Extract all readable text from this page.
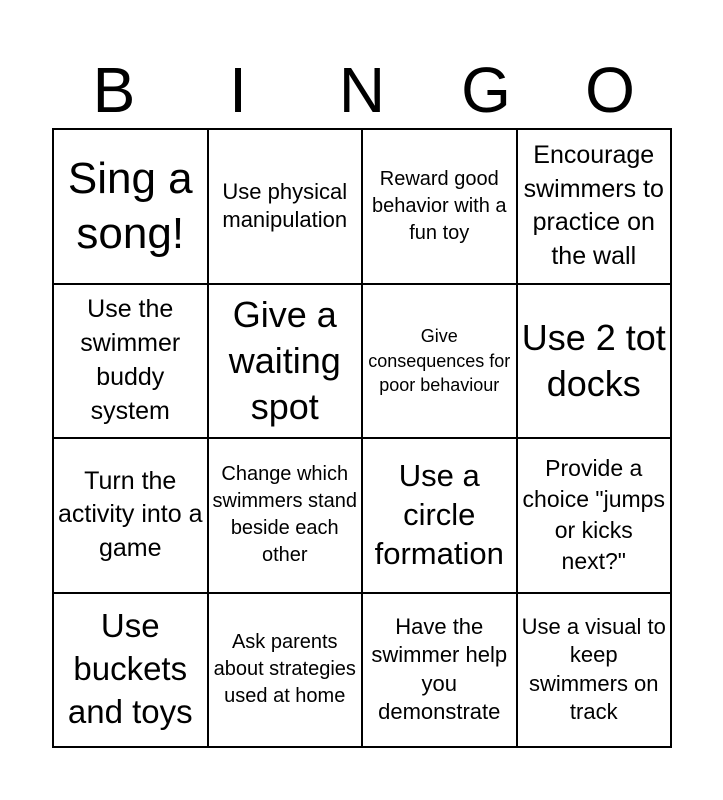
B	I	N	G	O
Sing a song!
Use physical manipulation
Reward good behavior with a fun toy
Encourage swimmers to practice on the wall
Use the swimmer buddy system
Give a waiting spot
Give consequences for poor behaviour
Use 2 tot docks
Turn the activity into a game
Change which swimmers stand beside each other
Use a circle formation
Provide a choice "jumps or kicks next?"
Use buckets and toys
Ask parents about strategies used at home
Have the swimmer help you demonstrate
Use a visual to keep swimmers on track
